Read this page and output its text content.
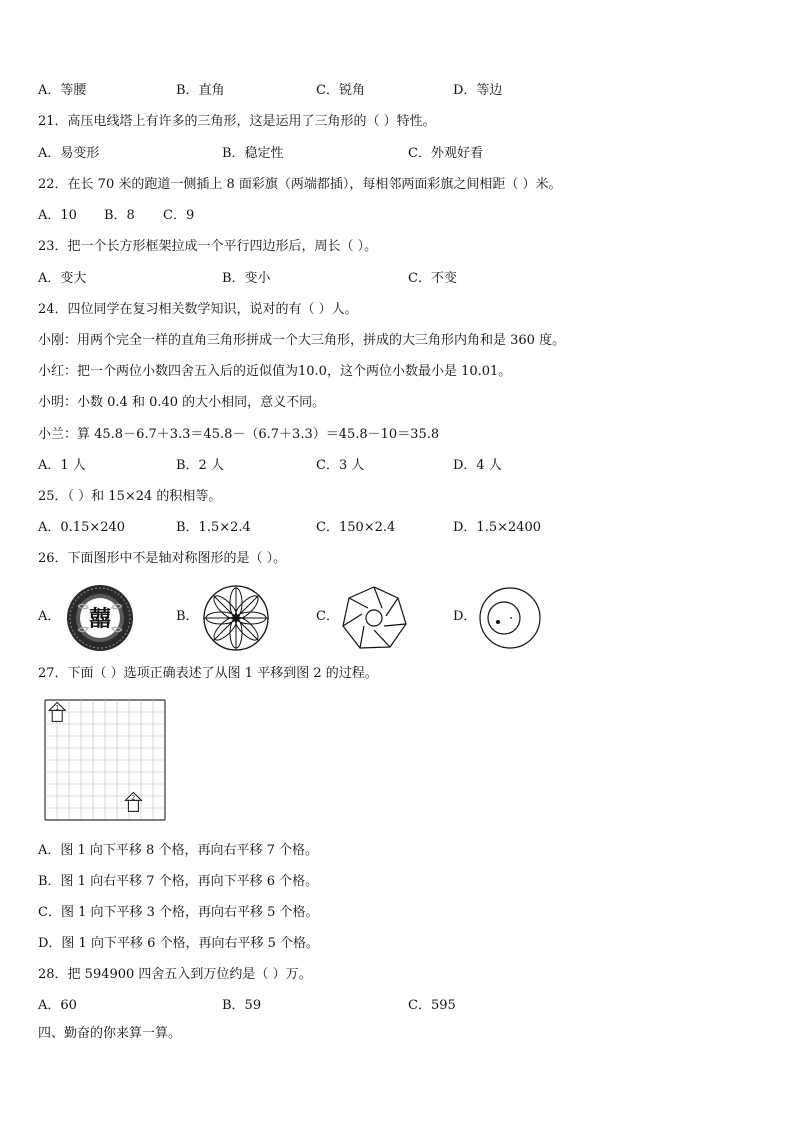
A．等腰	B．直角	C．锐角	D．等边
21．高压电线塔上有许多的三角形，这是运用了三角形的（ ）特性。
A．易变形	B．稳定性	C．外观好看
22．在长 70 米的跑道一侧插上 8 面彩旗（两端都插），每相邻两面彩旗之间相距（ ）米。
A．10 B．8 C．9
23．把一个长方形框架拉成一个平行四边形后，周长（ ）。
A．变大	B．变小	C．不变
24．四位同学在复习相关数学知识，说对的有（ ）人。
小刚：用两个完全一样的直角三角形拼成一个大三角形，拼成的大三角形内角和是 360 度。
小红：把一个两位小数四舍五入后的近似值为10.0，这个两位小数最小是 10.01。
小明：小数 0.4 和 0.40 的大小相同，意义不同。
小兰：算 45.8－6.7＋3.3＝45.8－（6.7＋3.3）＝45.8－10＝35.8
A．1 人	B．2 人	C．3 人	D．4 人
25．（ ）和 15×24 的积相等。
A．0.15×240	B．1.5×2.4	C．150×2.4	D．1.5×2400
26．下面图形中不是轴对称图形的是（ ）。
A． 囍	B．	C．	D．
27．下面（ ）选项正确表述了从图 1 平移到图 2 的过程。
1
2
A．图 1 向下平移 8 个格，再向右平移 7 个格。
B．图 1 向右平移 7 个格，再向下平移 6 个格。
C．图 1 向下平移 3 个格，再向右平移 5 个格。
D．图 1 向下平移 6 个格，再向右平移 5 个格。
28．把 594900 四舍五入到万位约是（ ）万。
A．60	B．59	C．595
四、勤奋的你来算一算。
